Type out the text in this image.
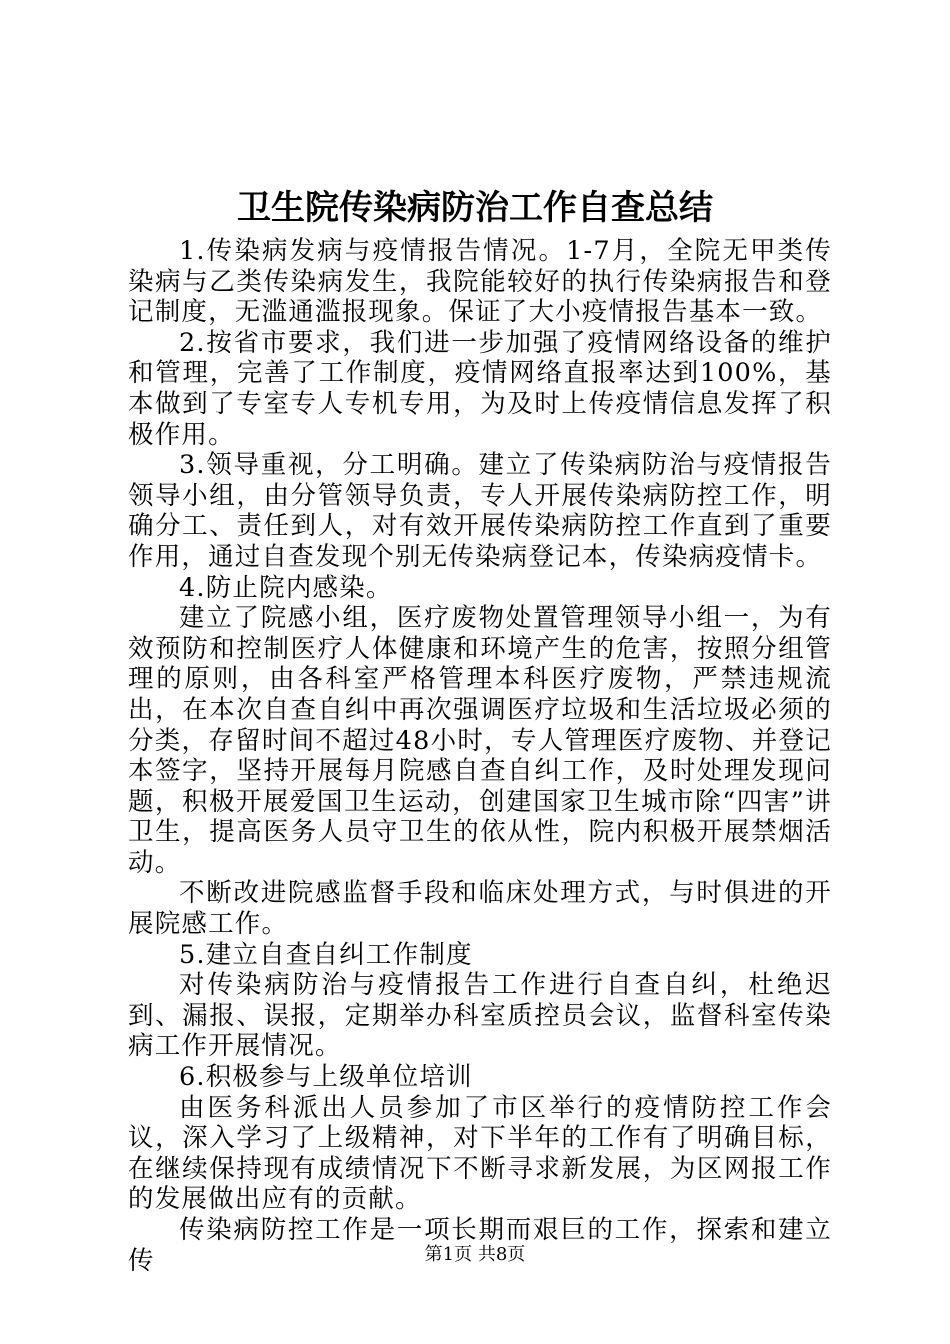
卫生院传染病防治工作自查总结

1.传染病发病与疫情报告情况。1-7月，全院无甲类传染病与乙类传染病发生，我院能较好的执行传染病报告和登记制度，无滥通滥报现象。保证了大小疫情报告基本一致。

2.按省市要求，我们进一步加强了疫情网络设备的维护和管理，完善了工作制度，疫情网络直报率达到100%，基本做到了专室专人专机专用，为及时上传疫情信息发挥了积极作用。

3.领导重视，分工明确。建立了传染病防治与疫情报告领导小组，由分管领导负责，专人开展传染病防控工作，明确分工、责任到人，对有效开展传染病防控工作直到了重要作用，通过自查发现个别无传染病登记本，传染病疫情卡。

4.防止院内感染。

建立了院感小组，医疗废物处置管理领导小组一，为有效预防和控制医疗人体健康和环境产生的危害，按照分组管理的原则，由各科室严格管理本科医疗废物，严禁违规流出，在本次自查自纠中再次强调医疗垃圾和生活垃圾必须的分类，存留时间不超过48小时，专人管理医疗废物、并登记本签字，坚持开展每月院感自查自纠工作，及时处理发现问题，积极开展爱国卫生运动，创建国家卫生城市除“四害”讲卫生，提高医务人员守卫生的依从性，院内积极开展禁烟活动。

不断改进院感监督手段和临床处理方式，与时俱进的开展院感工作。

5.建立自查自纠工作制度

对传染病防治与疫情报告工作进行自查自纠，杜绝迟到、漏报、误报，定期举办科室质控员会议，监督科室传染病工作开展情况。

6.积极参与上级单位培训

由医务科派出人员参加了市区举行的疫情防控工作会议，深入学习了上级精神，对下半年的工作有了明确目标，在继续保持现有成绩情况下不断寻求新发展，为区网报工作的发展做出应有的贡献。

传染病防控工作是一项长期而艰巨的工作，探索和建立传	第1页 共8页
